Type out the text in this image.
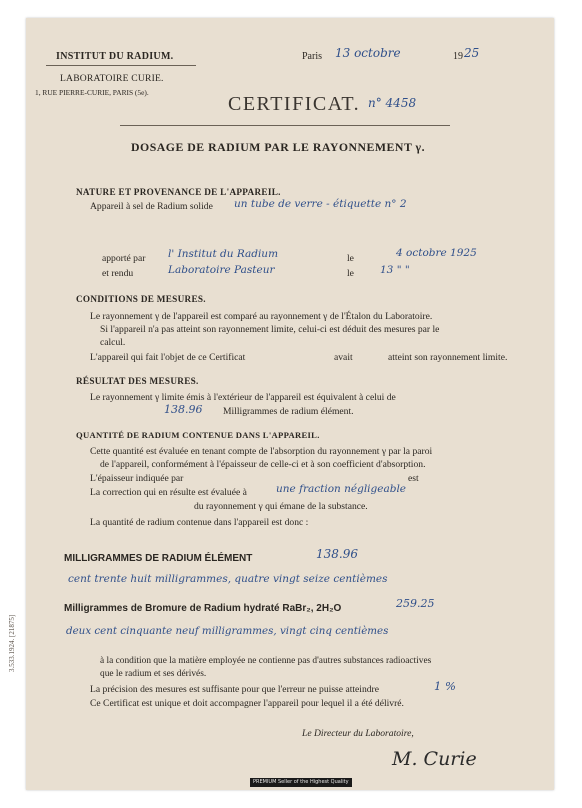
INSTITUT DU RADIUM.
LABORATOIRE CURIE.
1, RUE PIERRE-CURIE, PARIS (5e).
Paris 13 octobre	19 25
CERTIFICAT. n° 4458
DOSAGE DE RADIUM PAR LE RAYONNEMENT γ.
NATURE ET PROVENANCE DE L'APPAREIL.
Appareil à sel de Radium solide un tube de verre - étiquette n° 2
apporté par l' Institut du Radium	le	4 octobre 1925
et rendu	Laboratoire Pasteur	le 13 " "
CONDITIONS DE MESURES.
Le rayonnement γ de l'appareil est comparé au rayonnement γ de l'Étalon du Laboratoire.
Si l'appareil n'a pas atteint son rayonnement limite, celui-ci est déduit des mesures par le
calcul.
L'appareil qui fait l'objet de ce Certificat	avait	atteint son rayonnement limite.
RÉSULTAT DES MESURES.
Le rayonnement γ limite émis à l'extérieur de l'appareil est équivalent à celui de
138.96 Milligrammes de radium élément.
QUANTITÉ DE RADIUM CONTENUE DANS L'APPAREIL.
Cette quantité est évaluée en tenant compte de l'absorption du rayonnement γ par la paroi
de l'appareil, conformément à l'épaisseur de celle-ci et à son coefficient d'absorption.
L'épaisseur indiquée par	est
La correction qui en résulte est évaluée à	une fraction négligeable
du rayonnement γ qui émane de la substance.
La quantité de radium contenue dans l'appareil est donc :
MILLIGRAMMES DE RADIUM ÉLÉMENT	138.96
cent trente huit milligrammes, quatre vingt seize centièmes
Milligrammes de Bromure de Radium hydraté RaBr₂, 2H₂O	259.25
deux cent cinquante neuf milligrammes, vingt cinq centièmes
à la condition que la matière employée ne contienne pas d'autres substances radioactives
que le radium et ses dérivés.
La précision des mesures est suffisante pour que l'erreur ne puisse atteindre	1 %
Ce Certificat est unique et doit accompagner l'appareil pour lequel il a été délivré.
Le Directeur du Laboratoire,
M. Curie
3.533.1924. [21875]
PREMIUM Seller of the Highest Quality
